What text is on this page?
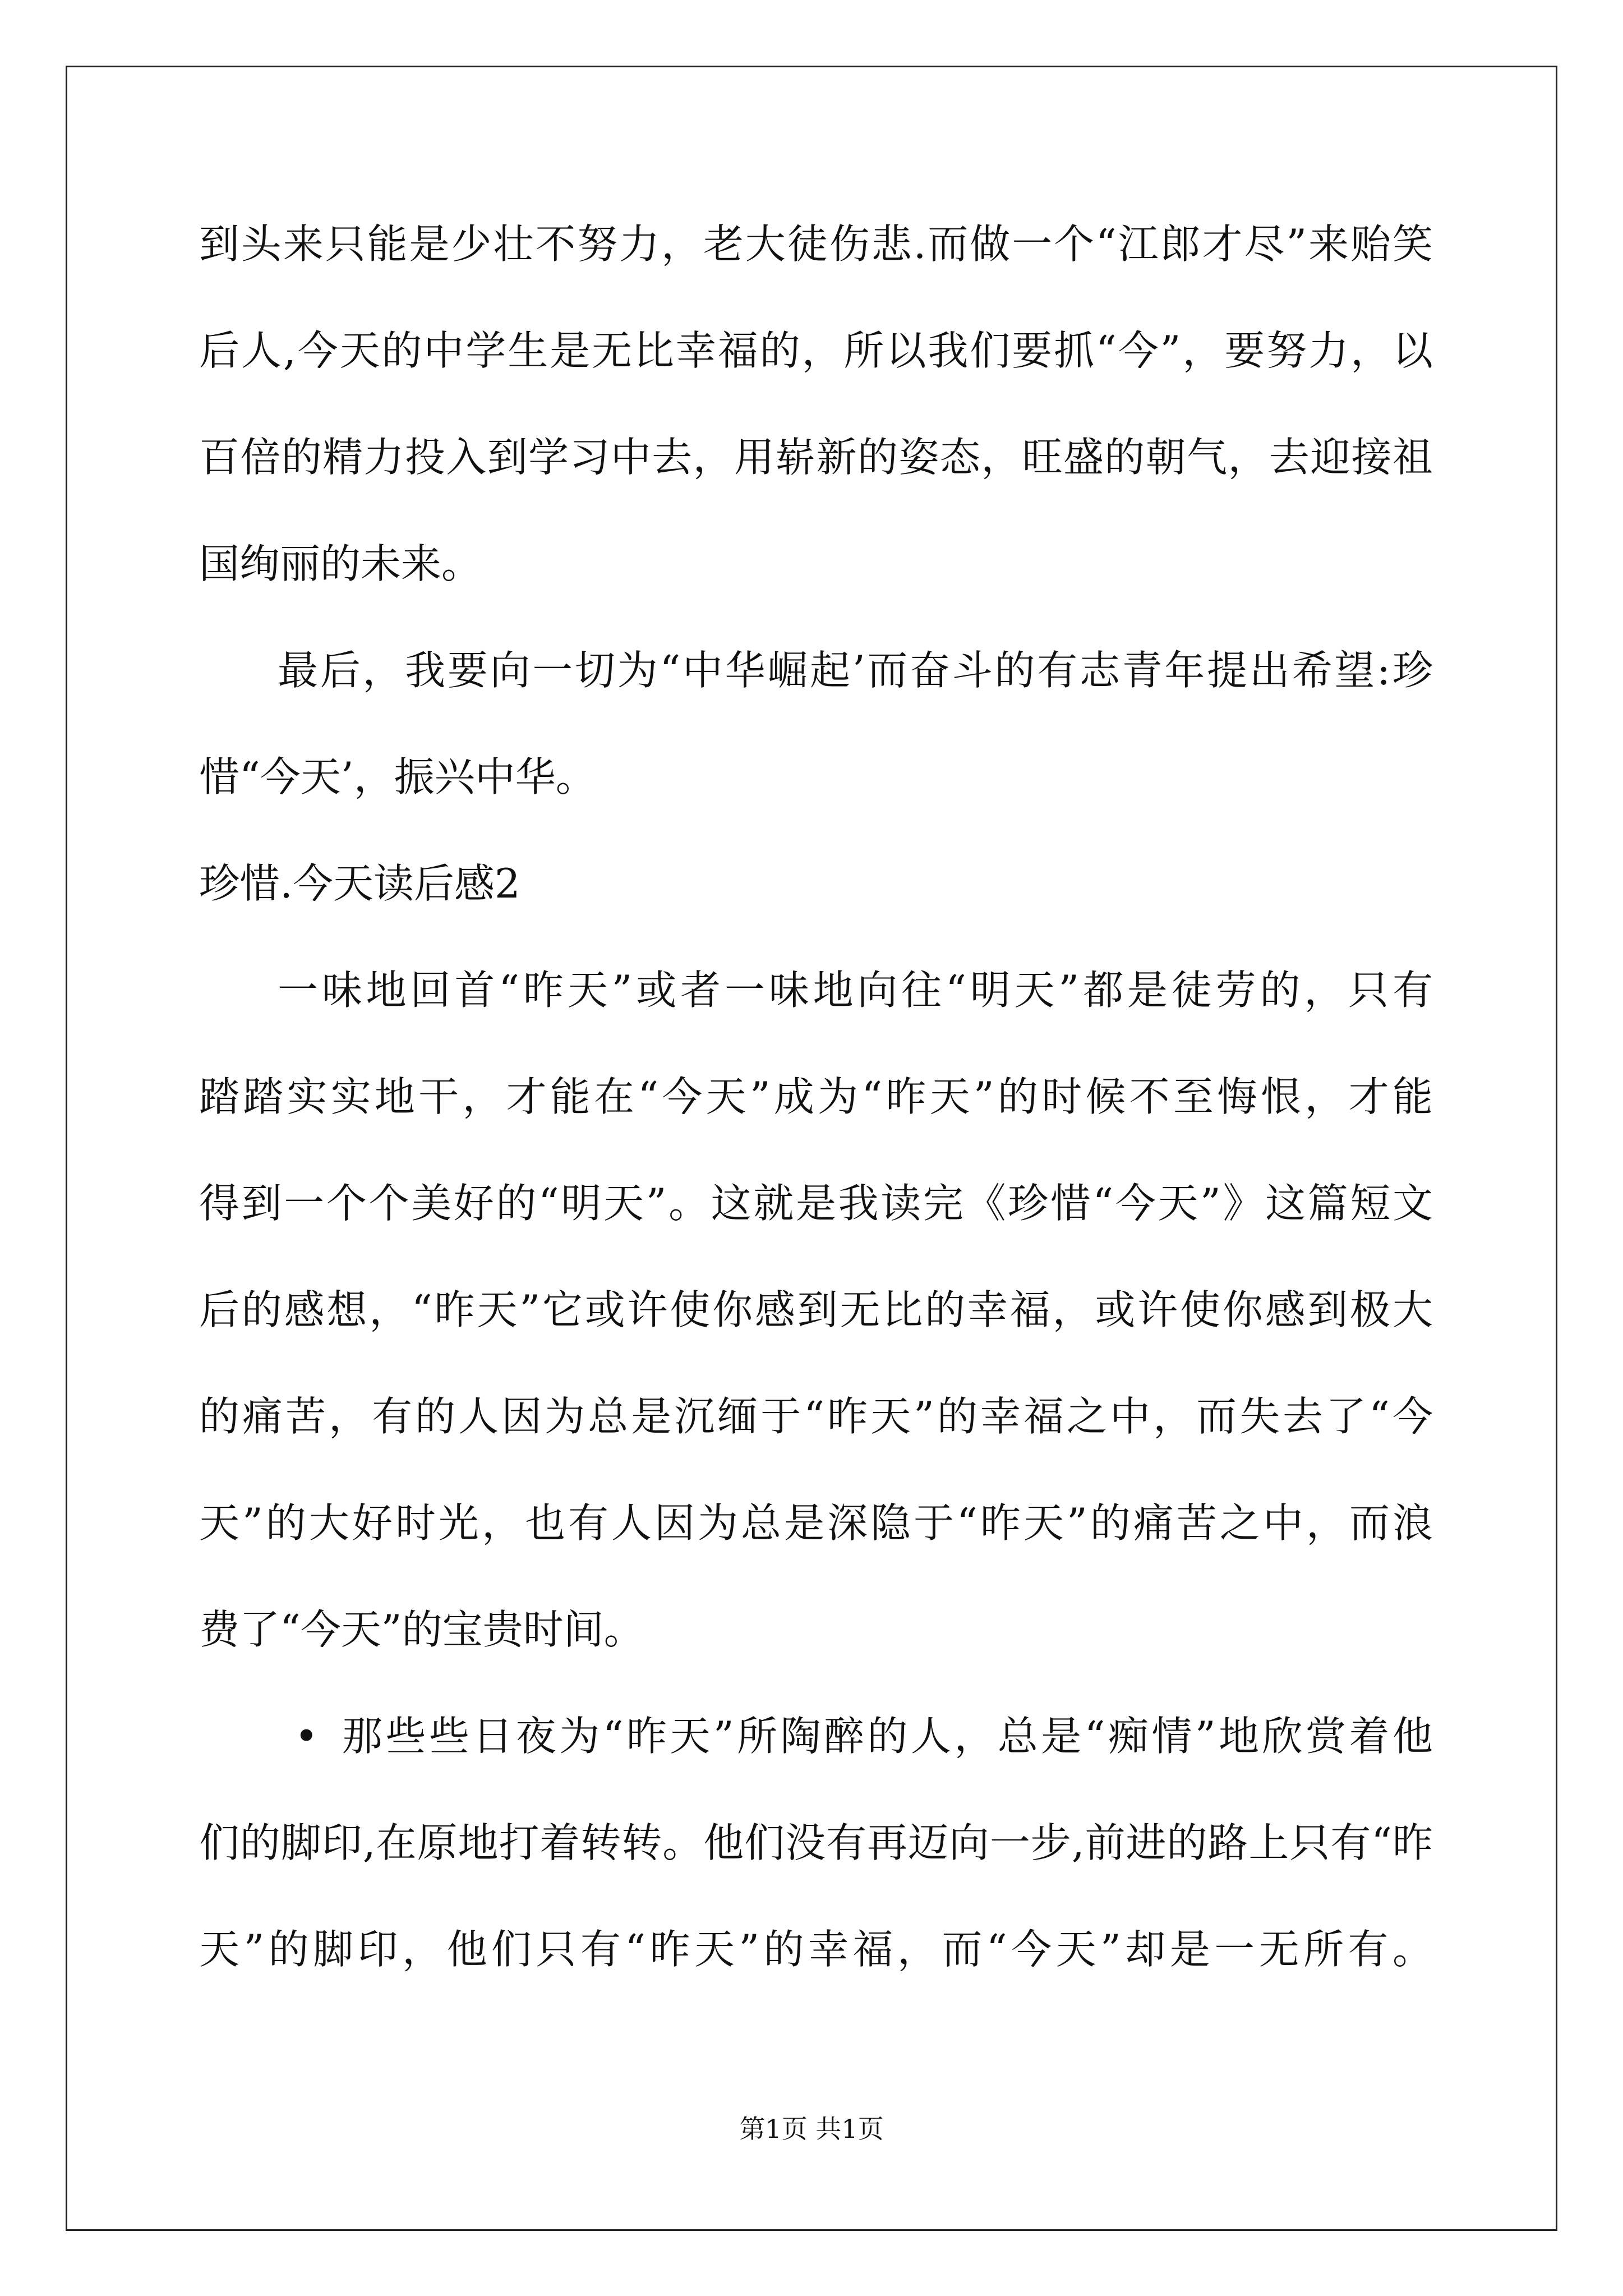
到头来只能是少壮不努力，老大徒伤悲.而做一个“江郎才尽”来贻笑
后人,今天的中学生是无比幸福的，所以我们要抓“今”，要努力，以
百倍的精力投入到学习中去，用崭新的姿态，旺盛的朝气，去迎接祖
国绚丽的未来。
最后，我要向一切为“中华崛起’而奋斗的有志青年提出希望:珍
惜“今天’，振兴中华。
珍惜.今天读后感2
一味地回首“昨天”或者一味地向往“明天”都是徒劳的，只有
踏踏实实地干，才能在“今天”成为“昨天”的时候不至悔恨，才能
得到一个个美好的“明天”。这就是我读完《珍惜“今天”》这篇短文
后的感想，“昨天”它或许使你感到无比的幸福，或许使你感到极大
的痛苦，有的人因为总是沉缅于“昨天”的幸福之中，而失去了“今
天”的大好时光，也有人因为总是深隐于“昨天”的痛苦之中，而浪
费了“今天”的宝贵时间。
• 那些些日夜为“昨天”所陶醉的人，总是“痴情”地欣赏着他
们的脚印,在原地打着转转。他们没有再迈向一步,前进的路上只有“昨
天”的脚印，他们只有“昨天”的幸福，而“今天”却是一无所有。
第1页 共1页
